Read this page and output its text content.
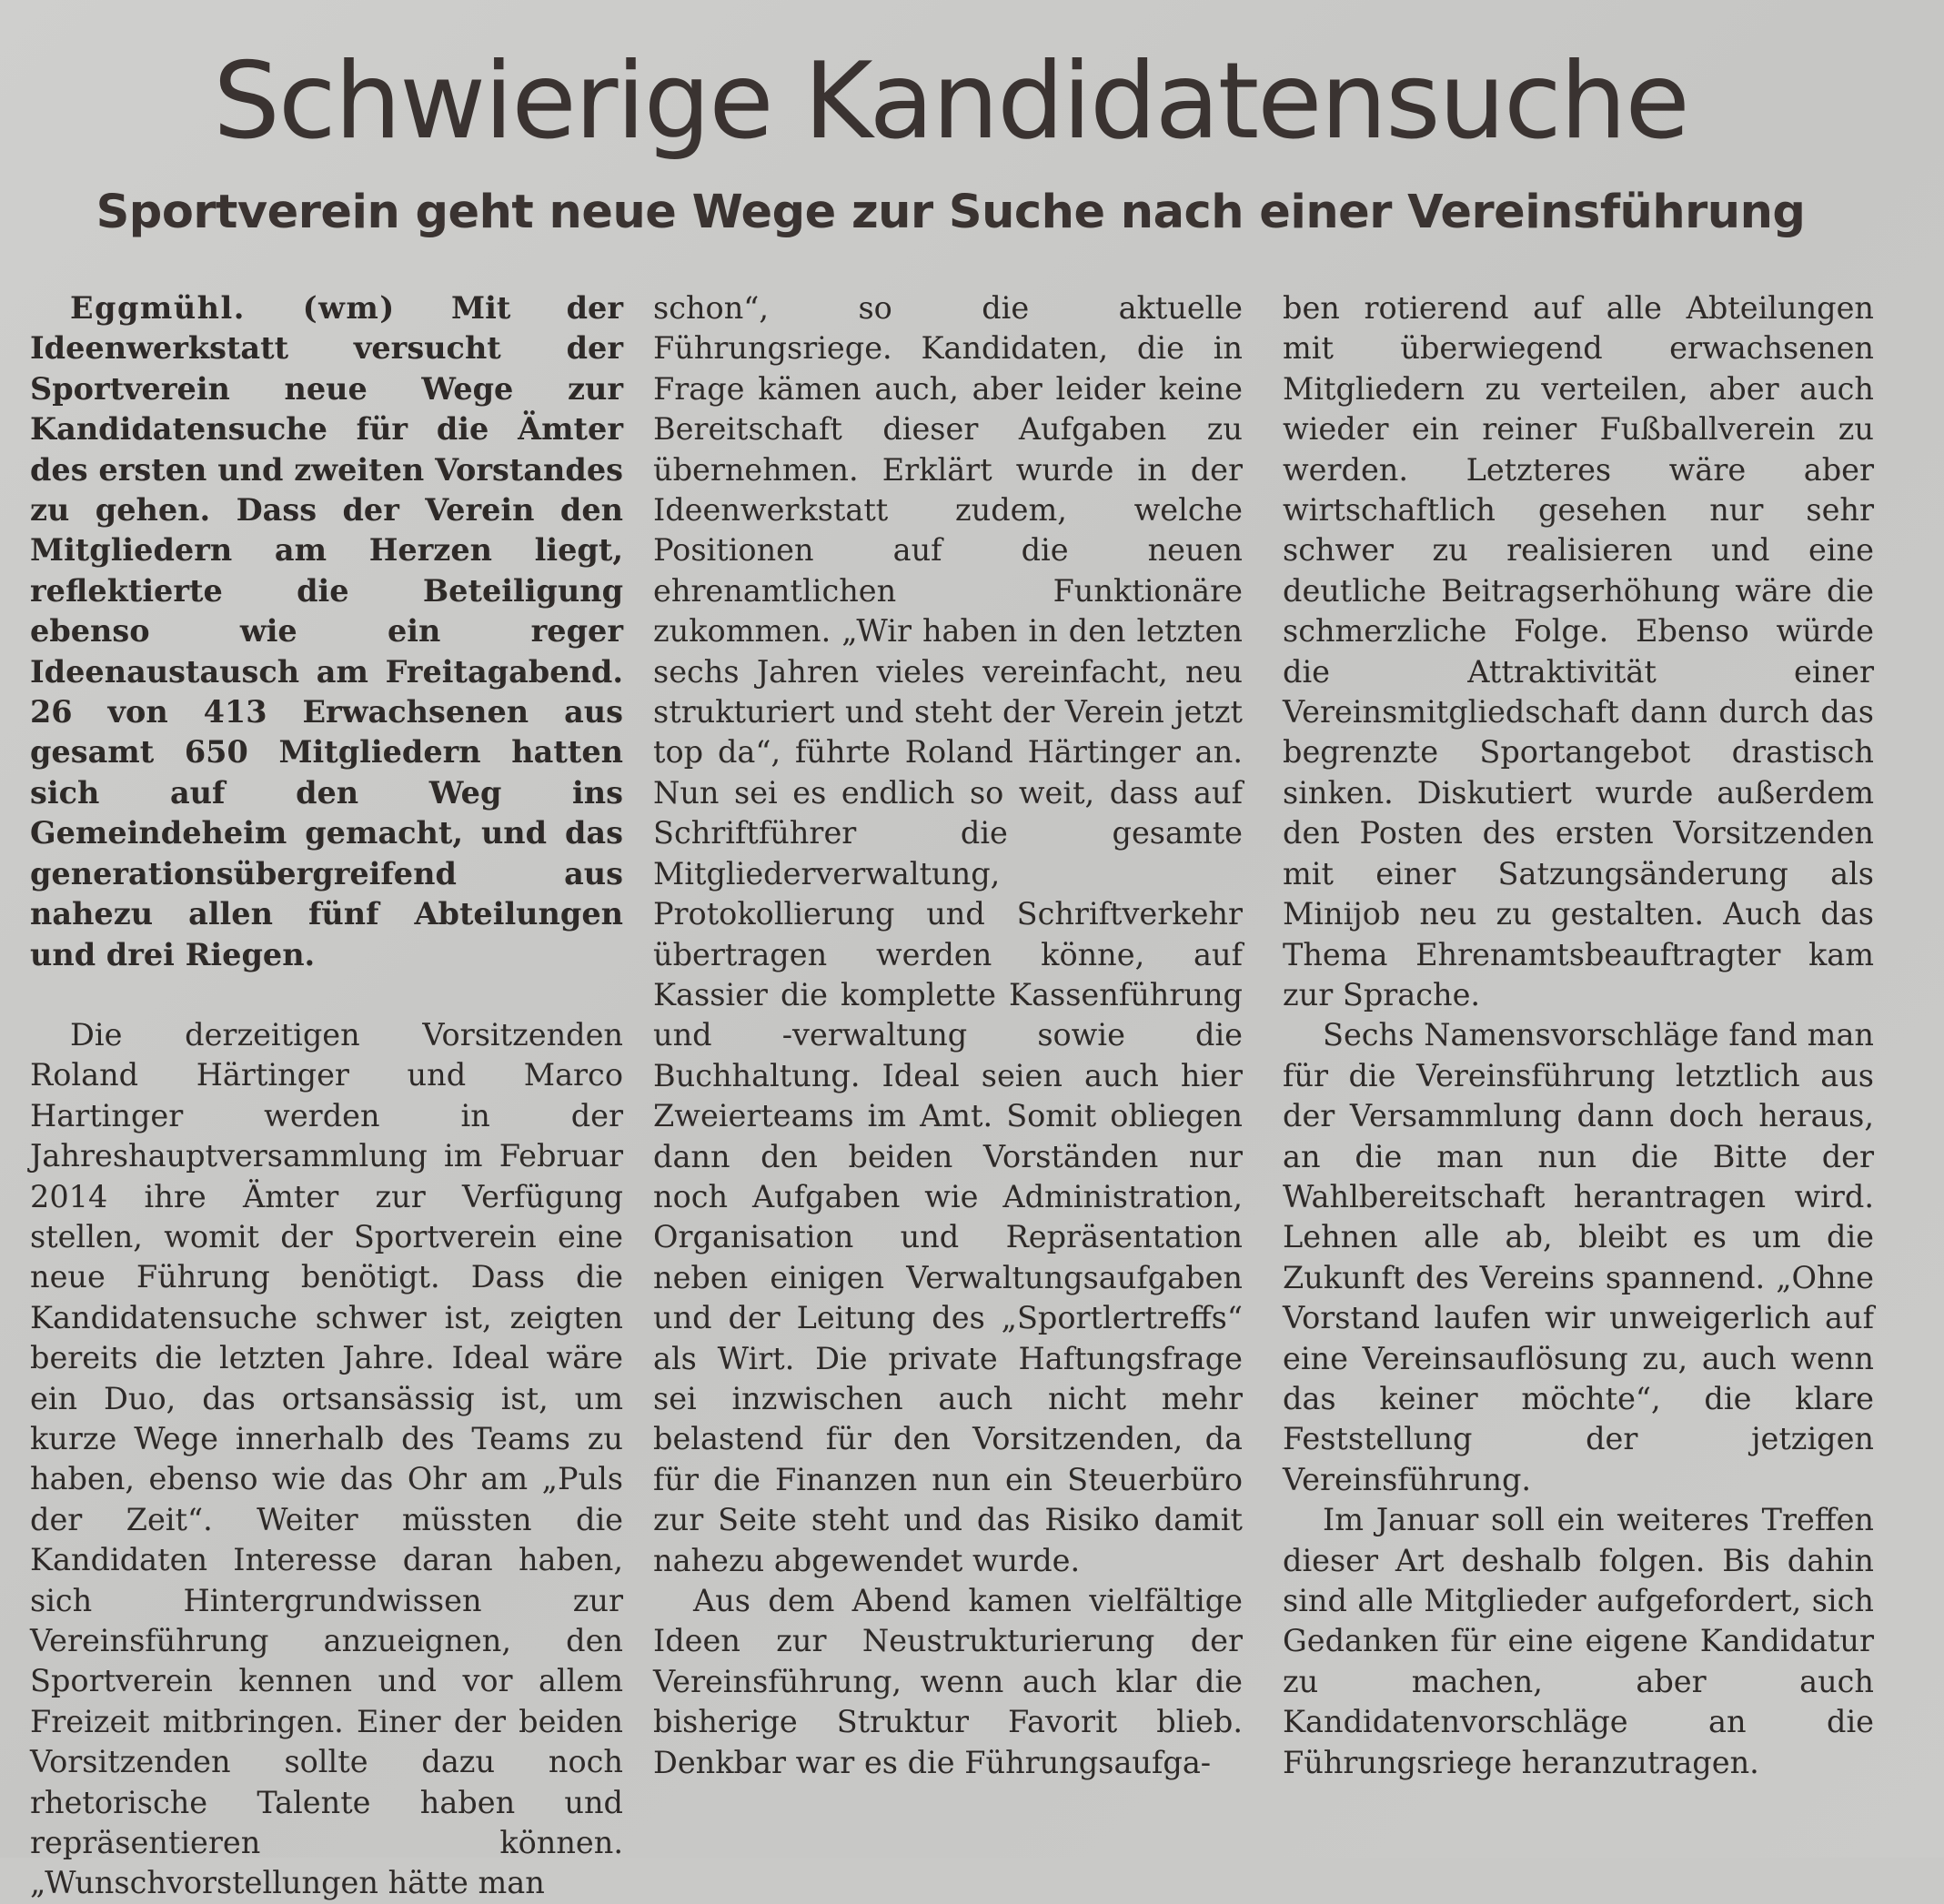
Schwierige Kandidatensuche
Sportverein geht neue Wege zur Suche nach einer Vereinsführung

Eggmühl. (wm) Mit der Ideenwerkstatt versucht der Sportverein neue Wege zur Kandidatensuche für die Ämter des ersten und zweiten Vorstandes zu gehen. Dass der Verein den Mitgliedern am Herzen liegt, reflektierte die Beteiligung ebenso wie ein reger Ideenaustausch am Freitagabend. 26 von 413 Erwachsenen aus gesamt 650 Mitgliedern hatten sich auf den Weg ins Gemeindeheim gemacht, und das generationsübergreifend aus nahezu allen fünf Abteilungen und drei Riegen.

Die derzeitigen Vorsitzenden Roland Härtinger und Marco Hartinger werden in der Jahreshauptversammlung im Februar 2014 ihre Ämter zur Verfügung stellen, womit der Sportverein eine neue Führung benötigt. Dass die Kandidatensuche schwer ist, zeigten bereits die letzten Jahre. Ideal wäre ein Duo, das ortsansässig ist, um kurze Wege innerhalb des Teams zu haben, ebenso wie das Ohr am „Puls der Zeit“. Weiter müssten die Kandidaten Interesse daran haben, sich Hintergrundwissen zur Vereinsführung anzueignen, den Sportverein kennen und vor allem Freizeit mitbringen. Einer der beiden Vorsitzenden sollte dazu noch rhetorische Talente haben und repräsentieren können. „Wunschvorstellungen hätte man

schon“, so die aktuelle Führungsriege. Kandidaten, die in Frage kämen auch, aber leider keine Bereitschaft dieser Aufgaben zu übernehmen. Erklärt wurde in der Ideenwerkstatt zudem, welche Positionen auf die neuen ehrenamtlichen Funktionäre zukommen. „Wir haben in den letzten sechs Jahren vieles vereinfacht, neu strukturiert und steht der Verein jetzt top da“, führte Roland Härtinger an. Nun sei es endlich so weit, dass auf Schriftführer die gesamte Mitgliederverwaltung, Protokollierung und Schriftverkehr übertragen werden könne, auf Kassier die komplette Kassenführung und -verwaltung sowie die Buchhaltung. Ideal seien auch hier Zweierteams im Amt. Somit obliegen dann den beiden Vorständen nur noch Aufgaben wie Administration, Organisation und Repräsentation neben einigen Verwaltungsaufgaben und der Leitung des „Sportlertreffs“ als Wirt. Die private Haftungsfrage sei inzwischen auch nicht mehr belastend für den Vorsitzenden, da für die Finanzen nun ein Steuerbüro zur Seite steht und das Risiko damit nahezu abgewendet wurde.

Aus dem Abend kamen vielfältige Ideen zur Neustrukturierung der Vereinsführung, wenn auch klar die bisherige Struktur Favorit blieb. Denkbar war es die Führungsaufga-

ben rotierend auf alle Abteilungen mit überwiegend erwachsenen Mitgliedern zu verteilen, aber auch wieder ein reiner Fußballverein zu werden. Letzteres wäre aber wirtschaftlich gesehen nur sehr schwer zu realisieren und eine deutliche Beitragserhöhung wäre die schmerzliche Folge. Ebenso würde die Attraktivität einer Vereinsmitgliedschaft dann durch das begrenzte Sportangebot drastisch sinken. Diskutiert wurde außerdem den Posten des ersten Vorsitzenden mit einer Satzungsänderung als Minijob neu zu gestalten. Auch das Thema Ehrenamtsbeauftragter kam zur Sprache.

Sechs Namensvorschläge fand man für die Vereinsführung letztlich aus der Versammlung dann doch heraus, an die man nun die Bitte der Wahlbereitschaft herantragen wird. Lehnen alle ab, bleibt es um die Zukunft des Vereins spannend. „Ohne Vorstand laufen wir unweigerlich auf eine Vereinsauflösung zu, auch wenn das keiner möchte“, die klare Feststellung der jetzigen Vereinsführung.

Im Januar soll ein weiteres Treffen dieser Art deshalb folgen. Bis dahin sind alle Mitglieder aufgefordert, sich Gedanken für eine eigene Kandidatur zu machen, aber auch Kandidatenvorschläge an die Führungsriege heranzutragen.
